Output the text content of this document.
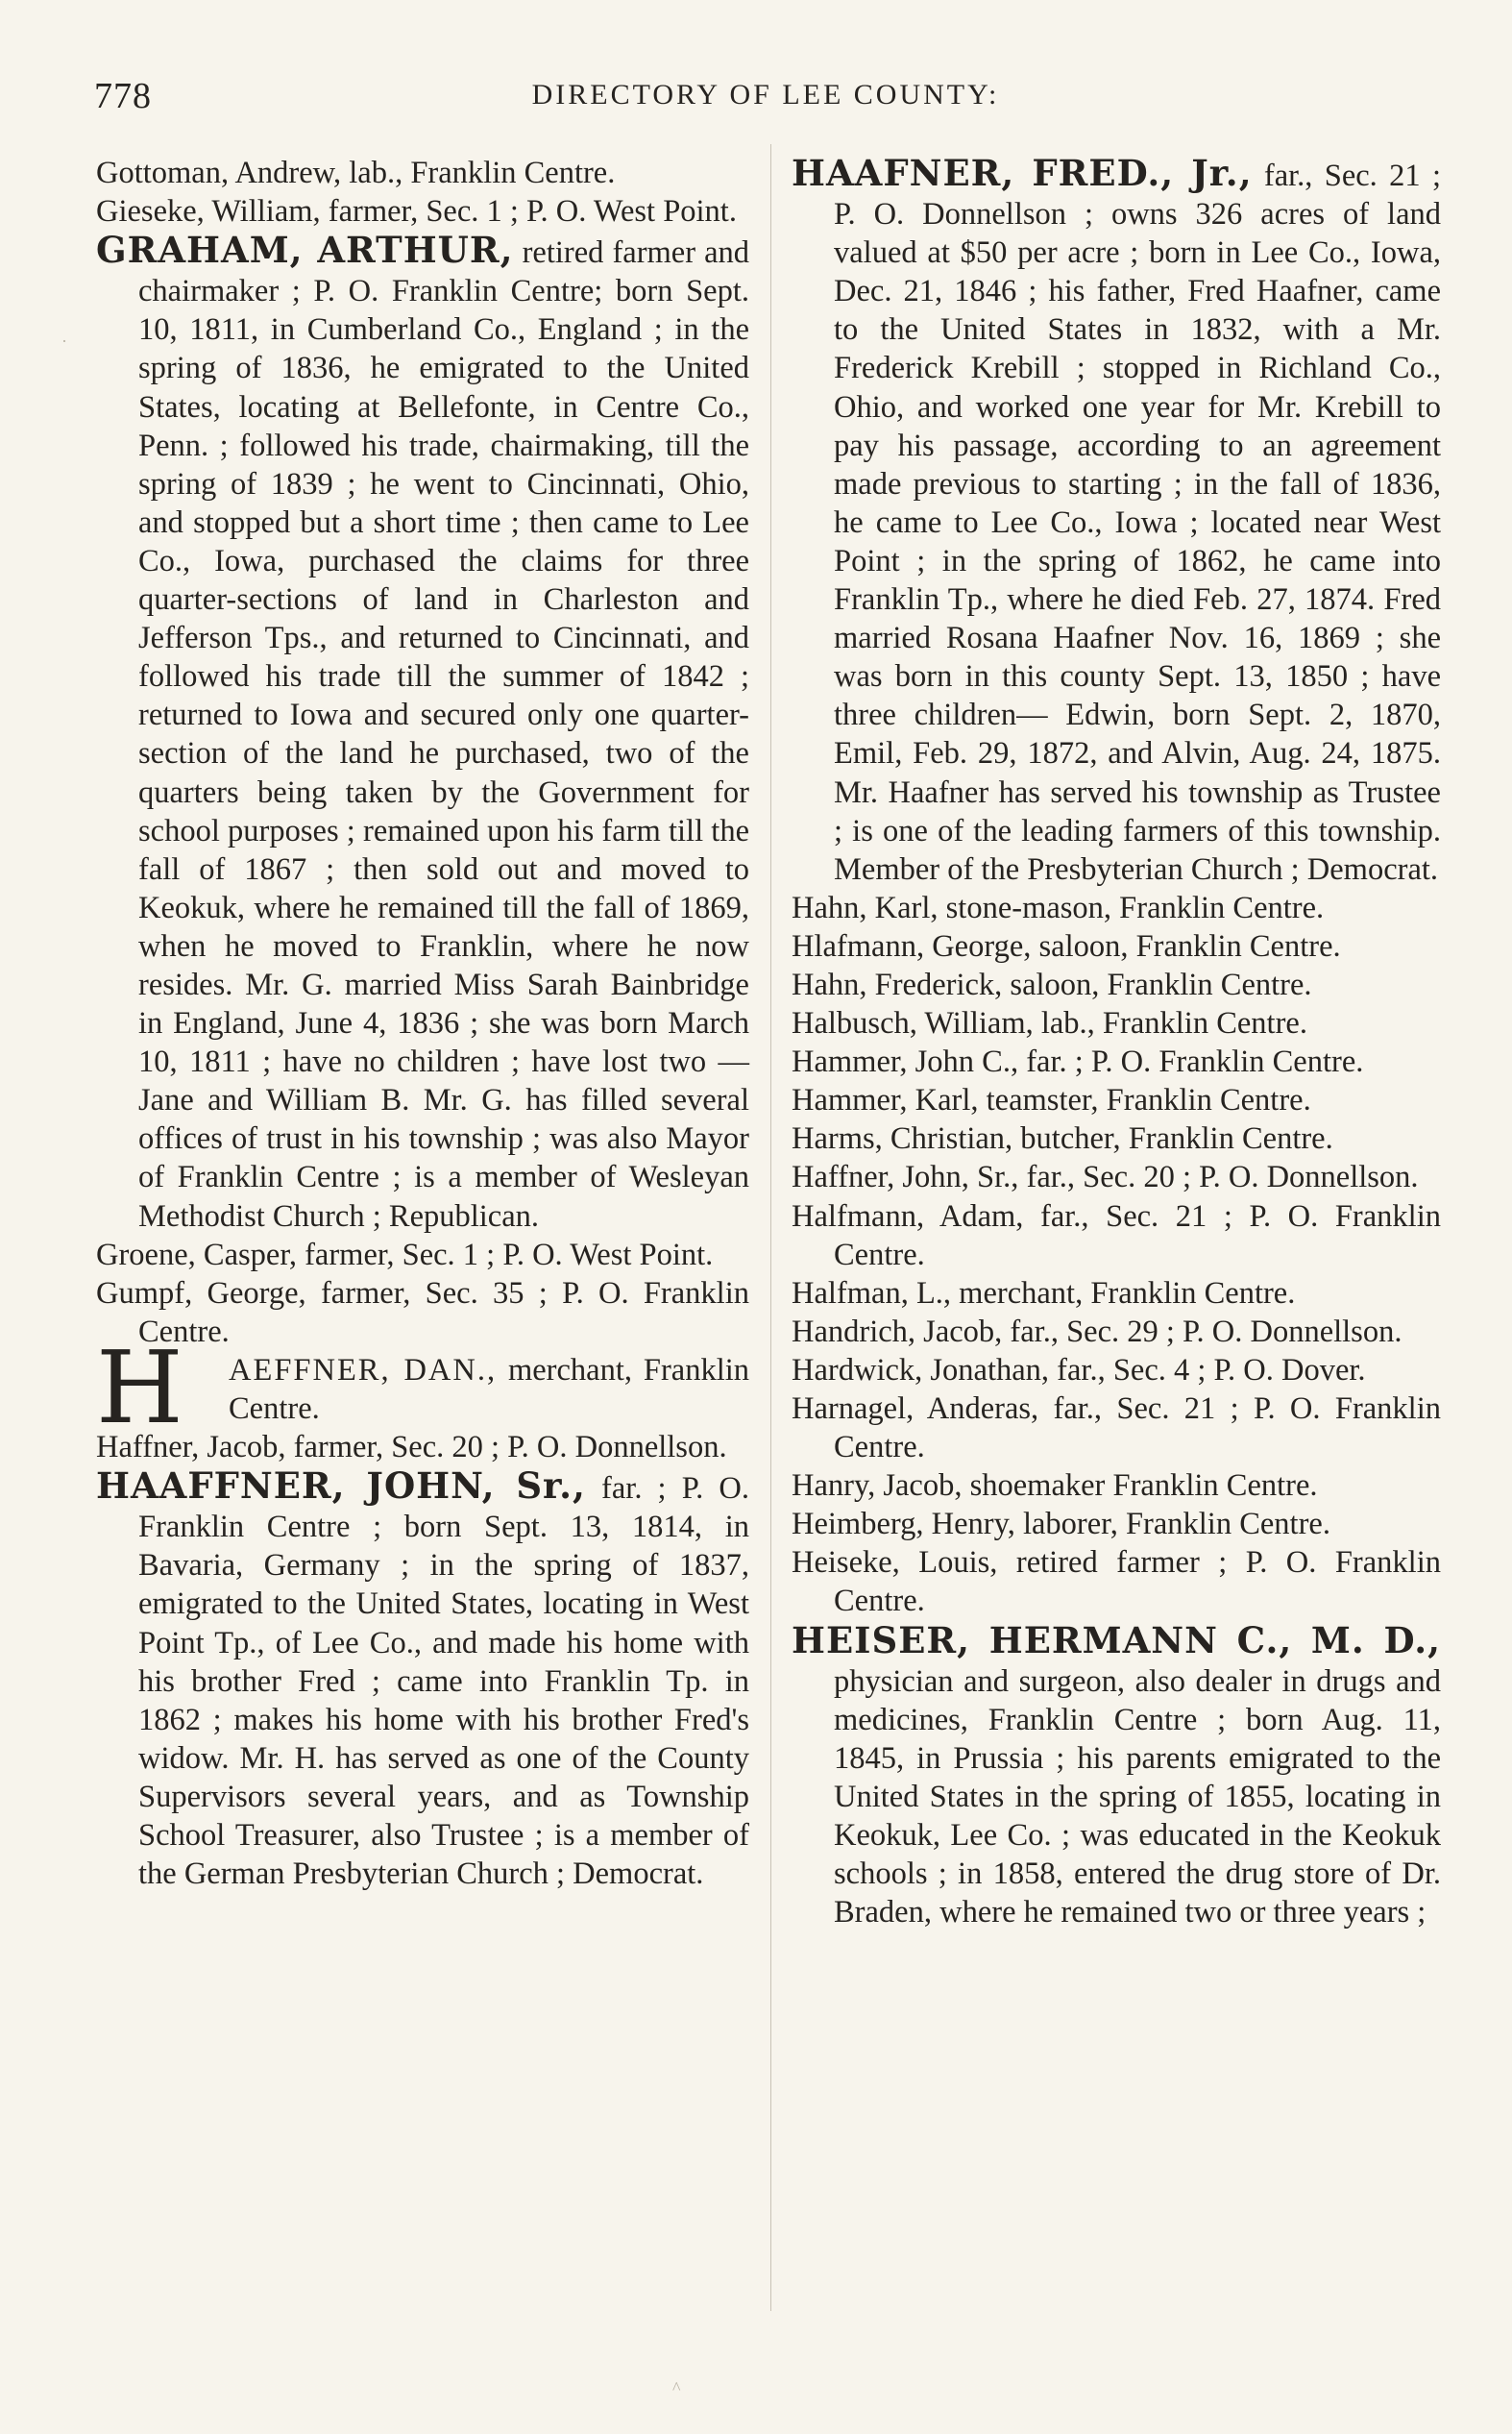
778	DIRECTORY OF LEE COUNTY:

Gottoman, Andrew, lab., Franklin Centre.

Gieseke, William, farmer, Sec. 1 ; P. O. West Point.

GRAHAM, ARTHUR, retired farmer and chairmaker ; P. O. Franklin Centre; born Sept. 10, 1811, in Cumberland Co., England ; in the spring of 1836, he emigrated to the United States, locating at Bellefonte, in Centre Co., Penn. ; followed his trade, chairmaking, till the spring of 1839 ; he went to Cincinnati, Ohio, and stopped but a short time ; then came to Lee Co., Iowa, purchased the claims for three quarter-sections of land in Charleston and Jefferson Tps., and returned to Cincinnati, and followed his trade till the summer of 1842 ; returned to Iowa and secured only one quarter-section of the land he purchased, two of the quarters being taken by the Government for school purposes ; remained upon his farm till the fall of 1867 ; then sold out and moved to Keokuk, where he remained till the fall of 1869, when he moved to Franklin, where he now resides. Mr. G. married Miss Sarah Bainbridge in England, June 4, 1836 ; she was born March 10, 1811 ; have no children ; have lost two —Jane and William B. Mr. G. has filled several offices of trust in his township ; was also Mayor of Franklin Centre ; is a member of Wesleyan Methodist Church ; Republican.

Groene, Casper, farmer, Sec. 1 ; P. O. West Point.

Gumpf, George, farmer, Sec. 35 ; P. O. Franklin Centre.

H AEFFNER, DAN., merchant, Franklin Centre.

Haffner, Jacob, farmer, Sec. 20 ; P. O. Donnellson.

HAAFFNER, JOHN, Sr., far. ; P. O. Franklin Centre ; born Sept. 13, 1814, in Bavaria, Germany ; in the spring of 1837, emigrated to the United States, locating in West Point Tp., of Lee Co., and made his home with his brother Fred ; came into Franklin Tp. in 1862 ; makes his home with his brother Fred's widow. Mr. H. has served as one of the County Supervisors several years, and as Township School Treasurer, also Trustee ; is a member of the German Presbyterian Church ; Democrat.

HAAFNER, FRED., Jr., far., Sec. 21 ; P. O. Donnellson ; owns 326 acres of land valued at $50 per acre ; born in Lee Co., Iowa, Dec. 21, 1846 ; his father, Fred Haafner, came to the United States in 1832, with a Mr. Frederick Krebill ; stopped in Richland Co., Ohio, and worked one year for Mr. Krebill to pay his passage, according to an agreement made previous to starting ; in the fall of 1836, he came to Lee Co., Iowa ; located near West Point ; in the spring of 1862, he came into Franklin Tp., where he died Feb. 27, 1874. Fred married Rosana Haafner Nov. 16, 1869 ; she was born in this county Sept. 13, 1850 ; have three children— Edwin, born Sept. 2, 1870, Emil, Feb. 29, 1872, and Alvin, Aug. 24, 1875. Mr. Haafner has served his township as Trustee ; is one of the leading farmers of this township. Member of the Presbyterian Church ; Democrat.

Hahn, Karl, stone-mason, Franklin Centre.

Hlafmann, George, saloon, Franklin Centre.

Hahn, Frederick, saloon, Franklin Centre.

Halbusch, William, lab., Franklin Centre.

Hammer, John C., far. ; P. O. Franklin Centre.

Hammer, Karl, teamster, Franklin Centre.

Harms, Christian, butcher, Franklin Centre.

Haffner, John, Sr., far., Sec. 20 ; P. O. Donnellson.

Halfmann, Adam, far., Sec. 21 ; P. O. Franklin Centre.

Halfman, L., merchant, Franklin Centre.

Handrich, Jacob, far., Sec. 29 ; P. O. Donnellson.

Hardwick, Jonathan, far., Sec. 4 ; P. O. Dover.

Harnagel, Anderas, far., Sec. 21 ; P. O. Franklin Centre.

Hanry, Jacob, shoemaker Franklin Centre.

Heimberg, Henry, laborer, Franklin Centre.

Heiseke, Louis, retired farmer ; P. O. Franklin Centre.

HEISER, HERMANN C., M. D., physician and surgeon, also dealer in drugs and medicines, Franklin Centre ; born Aug. 11, 1845, in Prussia ; his parents emigrated to the United States in the spring of 1855, locating in Keokuk, Lee Co. ; was educated in the Keokuk schools ; in 1858, entered the drug store of Dr. Braden, where he remained two or three years ;

·
^
